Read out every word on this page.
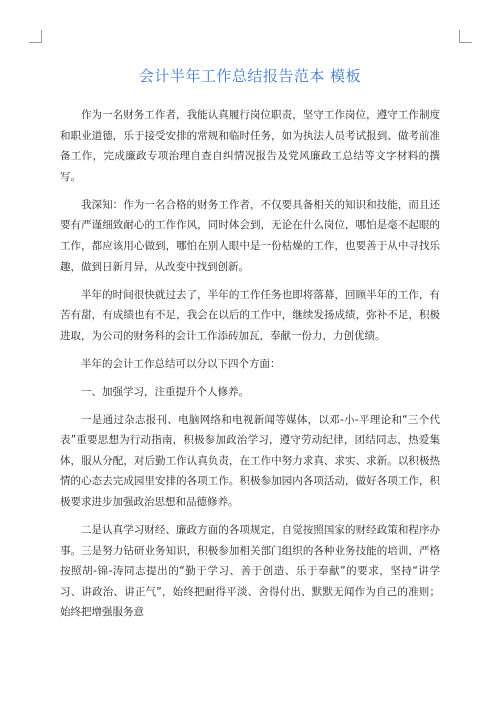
会计半年工作总结报告范本 模板

作为一名财务工作者，我能认真履行岗位职责，坚守工作岗位，遵守工作制度和职业道德，乐于接受安排的常规和临时任务，如为执法人员考试报到、做考前准备工作，完成廉政专项治理自查自纠情况报告及党风廉政工总结等文字材料的撰写。

我深知：作为一名合格的财务工作者，不仅要具备相关的知识和技能，而且还要有严谨细致耐心的工作作风，同时体会到，无论在什么岗位，哪怕是毫不起眼的工作，都应该用心做到，哪怕在别人眼中是一份枯燥的工作，也要善于从中寻找乐趣，做到日新月异，从改变中找到创新。

半年的时间很快就过去了，半年的工作任务也即将落幕，回顾半年的工作，有苦有甜，有成绩也有不足，我会在以后的工作中，继续发扬成绩，弥补不足，积极进取，为公司的财务科的会计工作添砖加瓦，奉献一份力，力创优绩。

半年的会计工作总结可以分以下四个方面：

一、加强学习，注重提升个人修养。

一是通过杂志报刊、电脑网络和电视新闻等媒体，以邓-小-平理论和“三个代表”重要思想为行动指南，积极参加政治学习，遵守劳动纪律，团结同志，热爱集体，服从分配，对后勤工作认真负责，在工作中努力求真、求实、求新。以积极热情的心态去完成园里安排的各项工作。积极参加园内各项活动，做好各项工作，积极要求进步加强政治思想和品德修养。

二是认真学习财经、廉政方面的各项规定，自觉按照国家的财经政策和程序办事。三是努力钻研业务知识，积极参加相关部门组织的各种业务技能的培训，严格按照胡-锦-涛同志提出的“勤于学习、善于创造、乐于奉献”的要求，坚持“讲学习、讲政治、讲正气”，始终把耐得平淡、舍得付出、默默无闻作为自己的准则；始终把增强服务意
